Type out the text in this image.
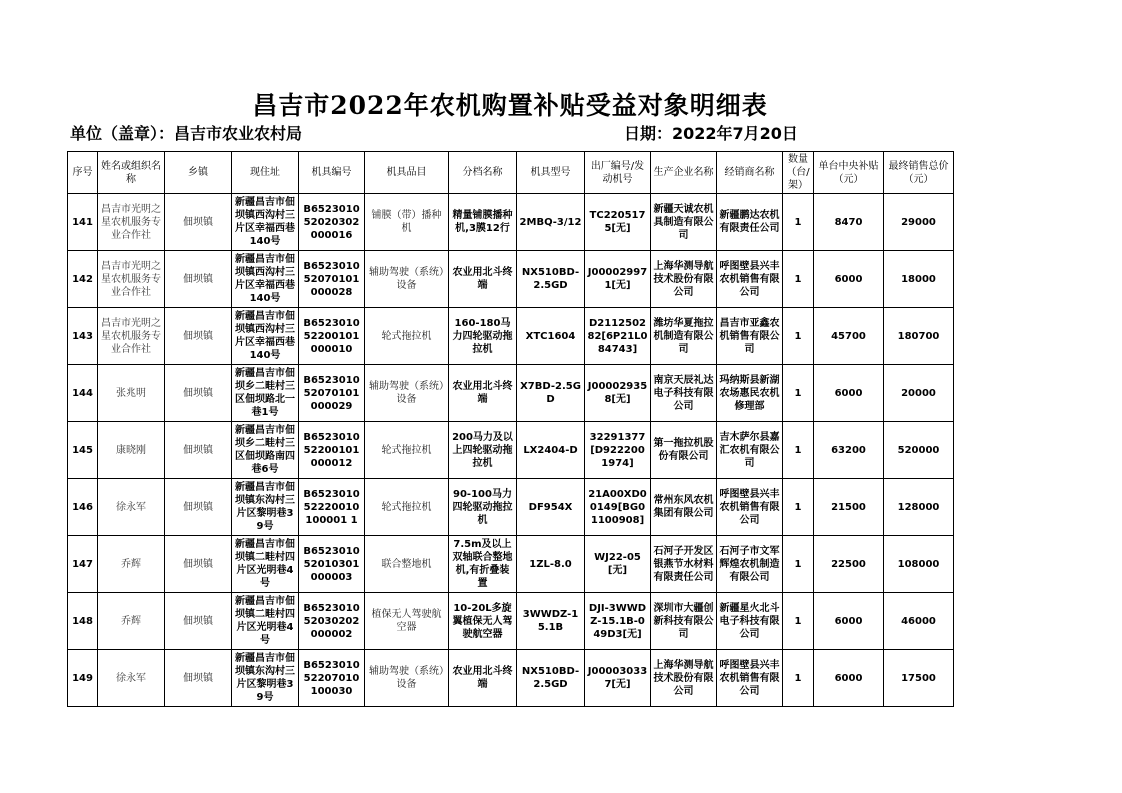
昌吉市2022年农机购置补贴受益对象明细表
单位（盖章）：昌吉市农业农村局	日期：2022年7月20日
序号	姓名或组织名称	乡镇	现住址	机具编号	机具品目	分档名称	机具型号	出厂编号/发动机号	生产企业名称	经销商名称	数量（台/架）	单台中央补贴（元）	最终销售总价（元）
141	昌吉市光明之星农机服务专业合作社	佃坝镇	新疆昌吉市佃坝镇西沟村三片区幸福西巷140号	B652301052020302000016	铺膜（带）播种机	精量铺膜播种机,3膜12行	2MBQ-3/12	TC2205175[无]	新疆天诚农机具制造有限公司	新疆鹏达农机有限责任公司	1	8470	29000
142	昌吉市光明之星农机服务专业合作社	佃坝镇	新疆昌吉市佃坝镇西沟村三片区幸福西巷140号	B652301052070101000028	辅助驾驶（系统）设备	农业用北斗终端	NX510BD-2.5GD	J000029971[无]	上海华测导航技术股份有限公司	呼图壁县兴丰农机销售有限公司	1	6000	18000
143	昌吉市光明之星农机服务专业合作社	佃坝镇	新疆昌吉市佃坝镇西沟村三片区幸福西巷140号	B652301052200101000010	轮式拖拉机	160-180马力四轮驱动拖拉机	XTC1604	D211250282[6P21L084743]	潍坊华夏拖拉机制造有限公司	昌吉市亚鑫农机销售有限公司	1	45700	180700
144	张兆明	佃坝镇	新疆昌吉市佃坝乡二畦村三区佃坝路北一巷1号	B652301052070101000029	辅助驾驶（系统）设备	农业用北斗终端	X7BD-2.5GD	J000029358[无]	南京天辰礼达电子科技有限公司	玛纳斯县新湖农场惠民农机修理部	1	6000	20000
145	康晓刚	佃坝镇	新疆昌吉市佃坝乡二畦村三区佃坝路南四巷6号	B652301052200101000012	轮式拖拉机	200马力及以上四轮驱动拖拉机	LX2404-D	32291377[D9222001974]	第一拖拉机股份有限公司	吉木萨尔县嘉汇农机有限公司	1	63200	520000
146	徐永军	佃坝镇	新疆昌吉市佃坝镇东沟村三片区黎明巷39号	B652301052220010100001 1	轮式拖拉机	90-100马力四轮驱动拖拉机	DF954X	21A00XD00149[BG01100908]	常州东风农机集团有限公司	呼图壁县兴丰农机销售有限公司	1	21500	128000
147	乔辉	佃坝镇	新疆昌吉市佃坝镇二畦村四片区光明巷4号	B652301052010301000003	联合整地机	7.5m及以上双轴联合整地机,有折叠装置	1ZL-8.0	WJ22-05[无]	石河子开发区银燕节水材料有限责任公司	石河子市文军辉煌农机制造有限公司	1	22500	108000
148	乔辉	佃坝镇	新疆昌吉市佃坝镇二畦村四片区光明巷4号	B652301052030202000002	植保无人驾驶航空器	10-20L多旋翼植保无人驾驶航空器	3WWDZ-15.1B	DJI-3WWDZ-15.1B-049D3[无]	深圳市大疆创新科技有限公司	新疆星火北斗电子科技有限公司	1	6000	46000
149	徐永军	佃坝镇	新疆昌吉市佃坝镇东沟村三片区黎明巷39号	B652301052207010100030	辅助驾驶（系统）设备	农业用北斗终端	NX510BD-2.5GD	J000030337[无]	上海华测导航技术股份有限公司	呼图壁县兴丰农机销售有限公司	1	6000	17500
